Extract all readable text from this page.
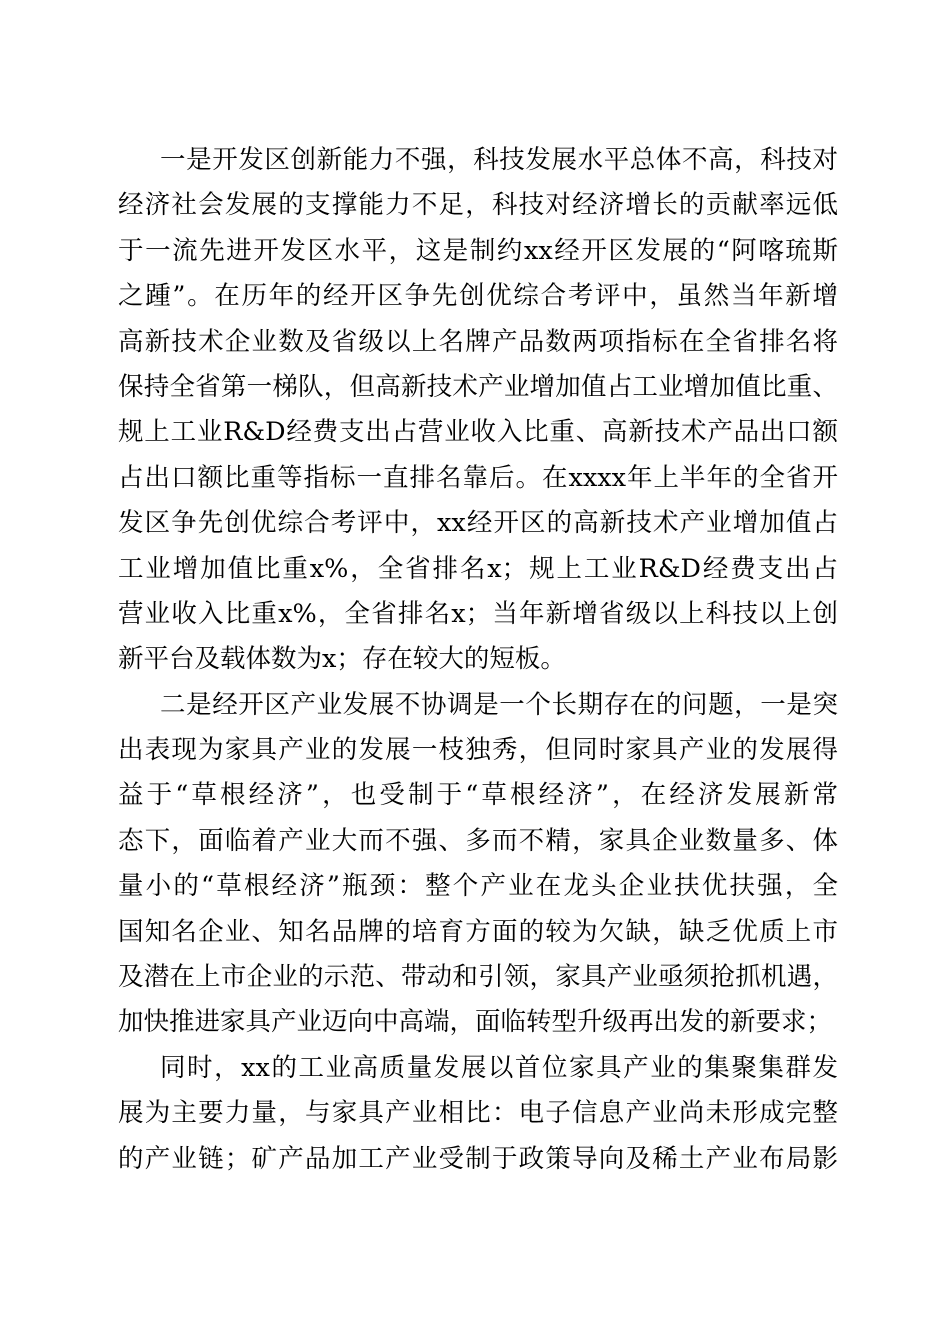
一是开发区创新能力不强，科技发展水平总体不高，科技对
经济社会发展的支撑能力不足，科技对经济增长的贡献率远低
于一流先进开发区水平，这是制约xx经开区发展的“阿喀琉斯
之踵”。在历年的经开区争先创优综合考评中，虽然当年新增
高新技术企业数及省级以上名牌产品数两项指标在全省排名将
保持全省第一梯队，但高新技术产业增加值占工业增加值比重、
规上工业R&D经费支出占营业收入比重、高新技术产品出口额
占出口额比重等指标一直排名靠后。在xxxx年上半年的全省开
发区争先创优综合考评中，xx经开区的高新技术产业增加值占
工业增加值比重x%，全省排名x；规上工业R&D经费支出占
营业收入比重x%，全省排名x；当年新增省级以上科技以上创
新平台及载体数为x；存在较大的短板。
二是经开区产业发展不协调是一个长期存在的问题，一是突
出表现为家具产业的发展一枝独秀，但同时家具产业的发展得
益于“草根经济”，也受制于“草根经济”，在经济发展新常
态下，面临着产业大而不强、多而不精，家具企业数量多、体
量小的“草根经济”瓶颈：整个产业在龙头企业扶优扶强，全
国知名企业、知名品牌的培育方面的较为欠缺，缺乏优质上市
及潜在上市企业的示范、带动和引领，家具产业亟须抢抓机遇，
加快推进家具产业迈向中高端，面临转型升级再出发的新要求；
同时，xx的工业高质量发展以首位家具产业的集聚集群发
展为主要力量，与家具产业相比：电子信息产业尚未形成完整
的产业链；矿产品加工产业受制于政策导向及稀土产业布局影
